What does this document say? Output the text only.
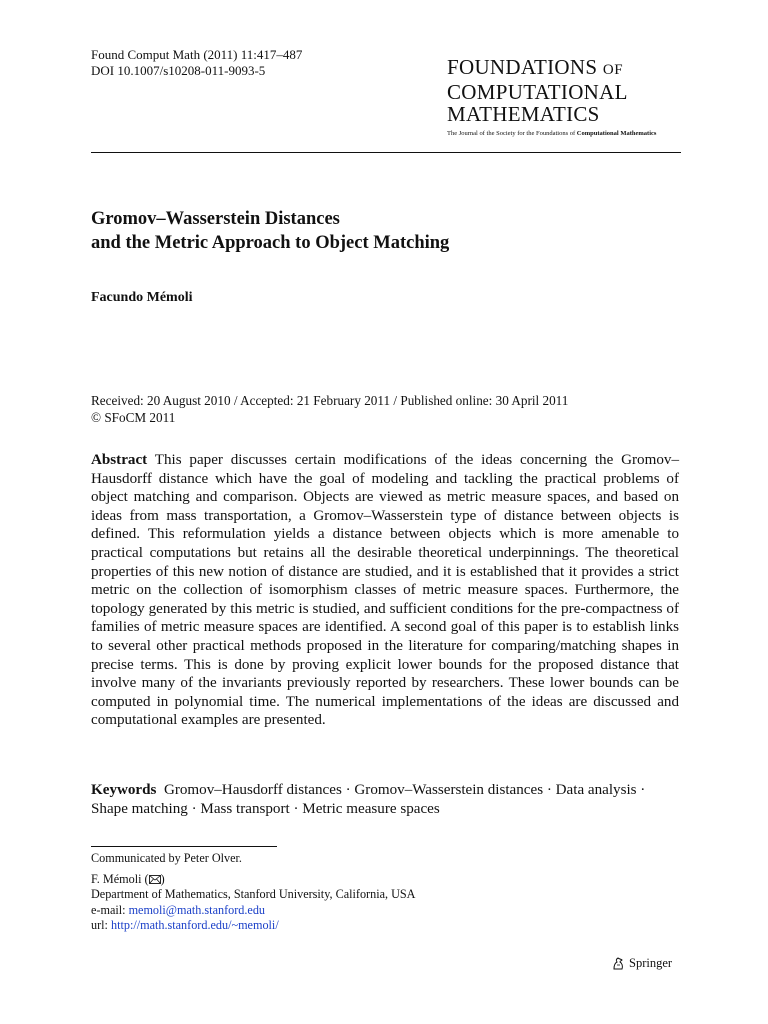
Found Comput Math (2011) 11:417–487
DOI 10.1007/s10208-011-9093-5	FOUNDATIONS OF
COMPUTATIONAL
MATHEMATICS
The Journal of the Society for the Foundations of Computational Mathematics
Gromov–Wasserstein Distances
and the Metric Approach to Object Matching
Facundo Mémoli
Received: 20 August 2010 / Accepted: 21 February 2011 / Published online: 30 April 2011
© SFoCM 2011
Abstract This paper discusses certain modifications of the ideas concerning the Gromov–Hausdorff distance which have the goal of modeling and tackling the practical problems of object matching and comparison. Objects are viewed as metric measure spaces, and based on ideas from mass transportation, a Gromov–Wasserstein type of distance between objects is defined. This reformulation yields a distance between objects which is more amenable to practical computations but retains all the desirable theoretical underpinnings. The theoretical properties of this new notion of distance are studied, and it is established that it provides a strict metric on the collection of isomorphism classes of metric measure spaces. Furthermore, the topology generated by this metric is studied, and sufficient conditions for the pre-compactness of families of metric measure spaces are identified. A second goal of this paper is to establish links to several other practical methods proposed in the literature for comparing/matching shapes in precise terms. This is done by proving explicit lower bounds for the proposed distance that involve many of the invariants previously reported by researchers. These lower bounds can be computed in polynomial time. The numerical implementations of the ideas are discussed and computational examples are presented.
Keywords Gromov–Hausdorff distances · Gromov–Wasserstein distances · Data analysis · Shape matching · Mass transport · Metric measure spaces
Communicated by Peter Olver.
F. Mémoli ( )
Department of Mathematics, Stanford University, California, USA
e-mail: memoli@math.stanford.edu
url: http://math.stanford.edu/~memoli/
Springer
